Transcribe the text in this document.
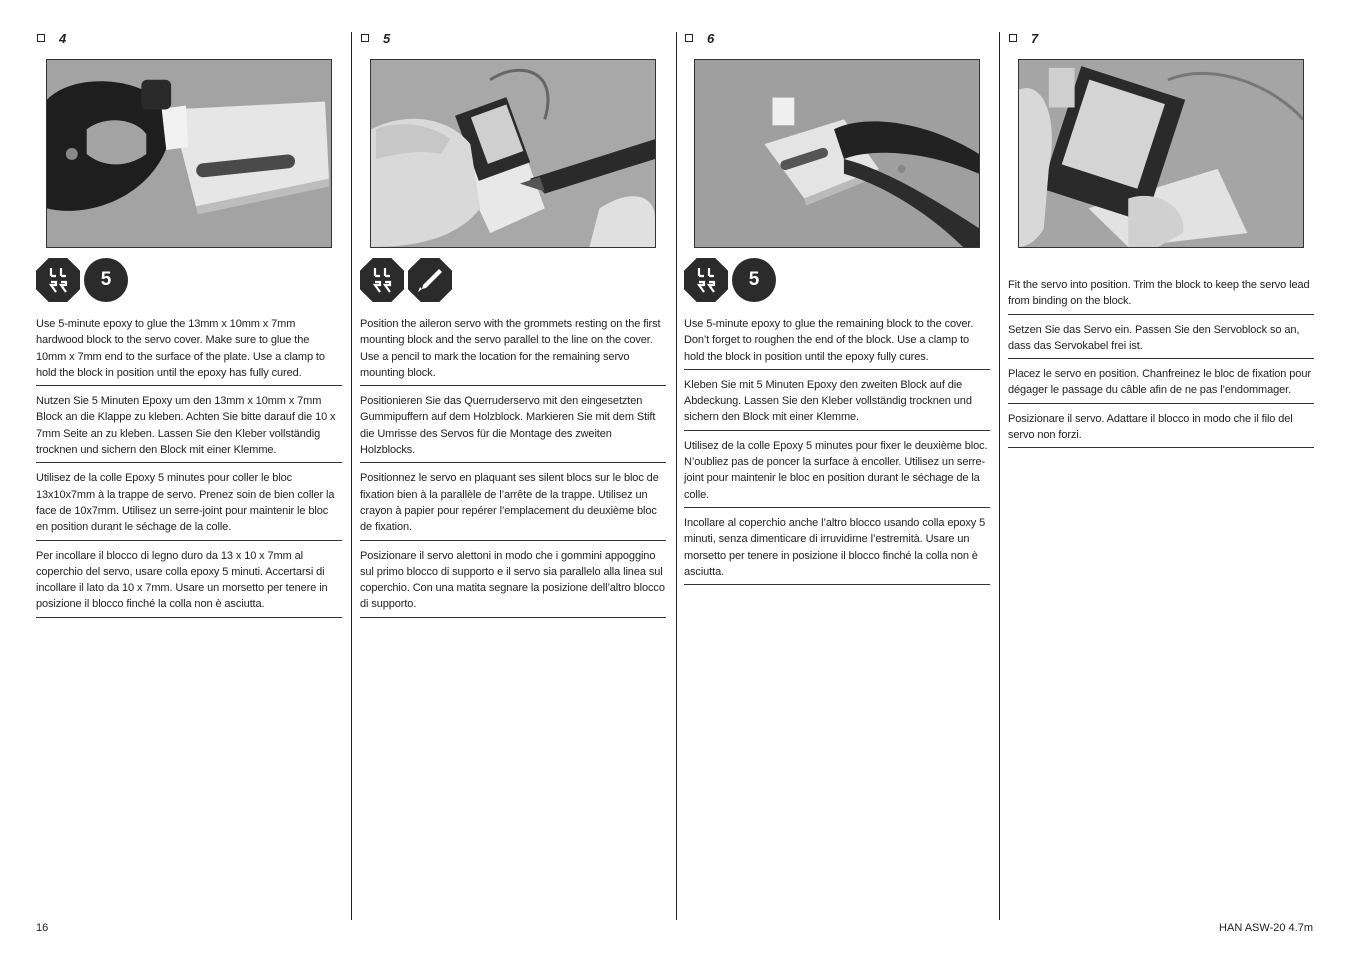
4
5

Use 5-minute epoxy to glue the 13mm x 10mm x 7mm hardwood block to the servo cover. Make sure to glue the 10mm x 7mm end to the surface of the plate. Use a clamp to hold the block in position until the epoxy has fully cured.

Nutzen Sie 5 Minuten Epoxy um den 13mm x 10mm x 7mm Block an die Klappe zu kleben. Achten Sie bitte darauf die 10 x 7mm Seite an zu kleben. Lassen Sie den Kleber vollständig trocknen und sichern den Block mit einer Klemme.

Utilisez de la colle Epoxy 5 minutes pour coller le bloc 13x10x7mm à la trappe de servo. Prenez soin de bien coller la face de 10x7mm. Utilisez un serre-joint pour maintenir le bloc en position durant le séchage de la colle.

Per incollare il blocco di legno duro da 13 x 10 x 7mm al coperchio del servo, usare colla epoxy 5 minuti. Accertarsi di incollare il lato da 10 x 7mm. Usare un morsetto per tenere in posizione il blocco finché la colla non è asciutta.

5

Position the aileron servo with the grommets resting on the first mounting block and the servo parallel to the line on the cover. Use a pencil to mark the location for the remaining servo mounting block.

Positionieren Sie das Querruderservo mit den eingesetzten Gummipuffern auf dem Holzblock. Markieren Sie mit dem Stift die Umrisse des Servos für die Montage des zweiten Holzblocks.

Positionnez le servo en plaquant ses silent blocs sur le bloc de fixation bien à la parallèle de l’arrête de la trappe. Utilisez un crayon à papier pour repérer l’emplacement du deuxième bloc de fixation.

Posizionare il servo alettoni in modo che i gommini appoggino sul primo blocco di supporto e il servo sia parallelo alla linea sul coperchio. Con una matita segnare la posizione dell’altro blocco di supporto.

6
5

Use 5-minute epoxy to glue the remaining block to the cover. Don’t forget to roughen the end of the block. Use a clamp to hold the block in position until the epoxy fully cures.

Kleben Sie mit 5 Minuten Epoxy den zweiten Block auf die Abdeckung. Lassen Sie den Kleber vollständig trocknen und sichern den Block mit einer Klemme.

Utilisez de la colle Epoxy 5 minutes pour fixer le deuxième bloc. N’oubliez pas de poncer la surface à encoller. Utilisez un serre-joint pour maintenir le bloc en position durant le séchage de la colle.

Incollare al coperchio anche l’altro blocco usando colla epoxy 5 minuti, senza dimenticare di irruvidirne l’estremità. Usare un morsetto per tenere in posizione il blocco finché la colla non è asciutta.

7

Fit the servo into position. Trim the block to keep the servo lead from binding on the block.

Setzen Sie das Servo ein. Passen Sie den Servoblock so an, dass das Servokabel frei ist.

Placez le servo en position. Chanfreinez le bloc de fixation pour dégager le passage du câble afin de ne pas l’endommager.

Posizionare il servo. Adattare il blocco in modo che il filo del servo non forzi.

16	HAN ASW-20 4.7m
